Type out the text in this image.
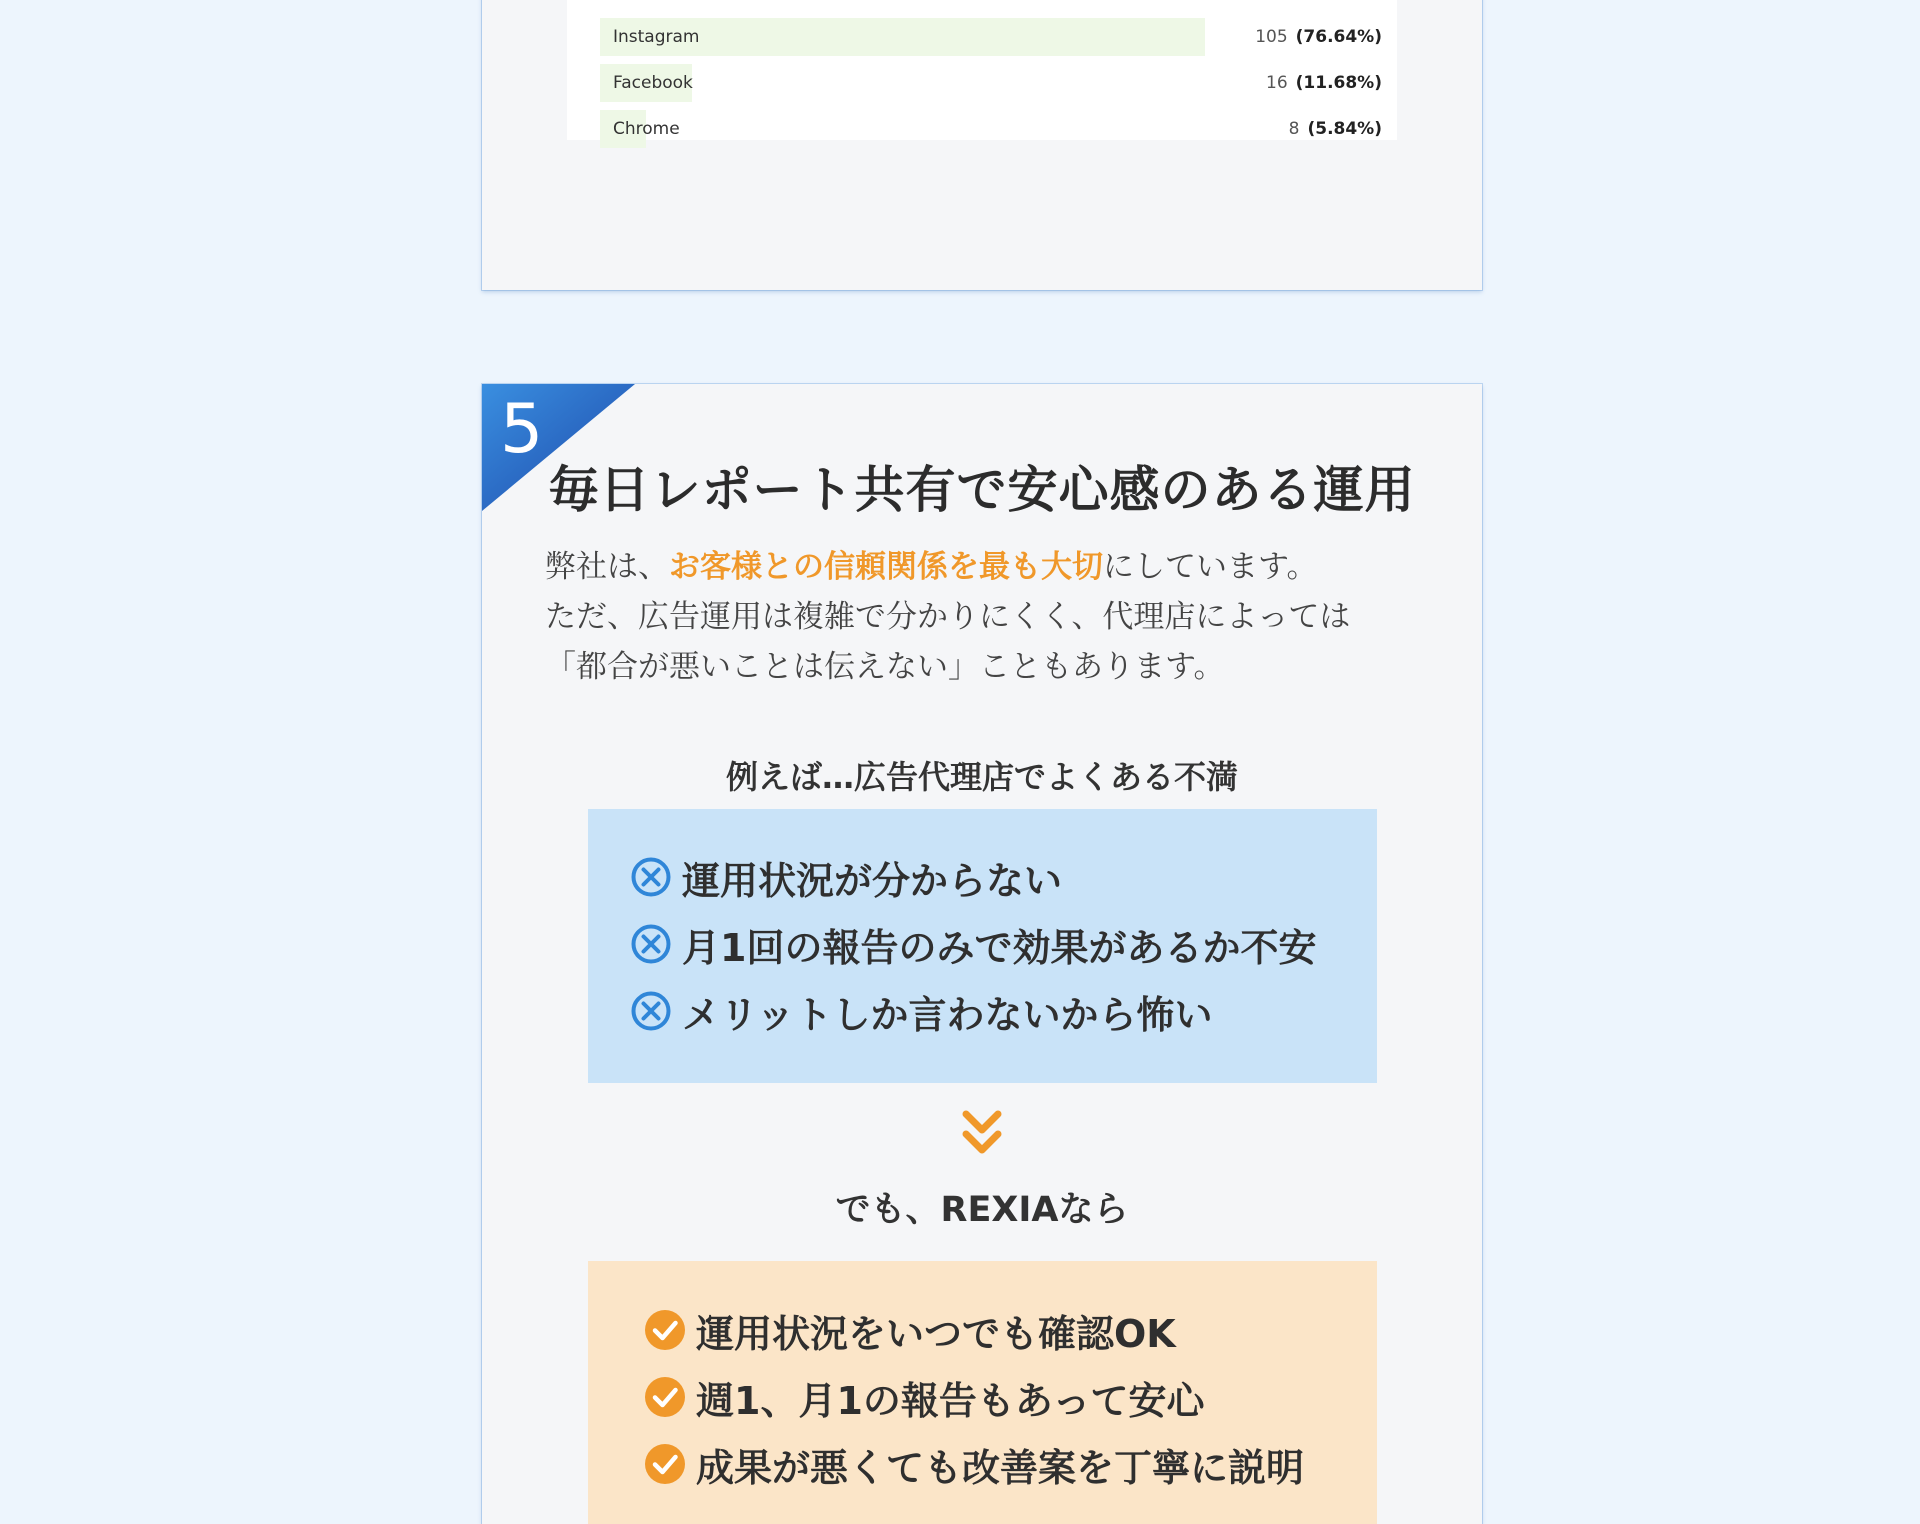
Instagram	105 (76.64%)
Facebook	16 (11.68%)
Chrome	8 (5.84%)
5
毎日レポート共有で安心感のある運用
弊社は、お客様との信頼関係を最も大切にしています。
ただ、広告運用は複雑で分かりにくく、代理店によっては
「都合が悪いことは伝えない」こともあります。
例えば…広告代理店でよくある不満
運用状況が分からない
月1回の報告のみで効果があるか不安
メリットしか言わないから怖い
でも、REXIAなら
運用状況をいつでも確認OK
週1、月1の報告もあって安心
成果が悪くても改善案を丁寧に説明
